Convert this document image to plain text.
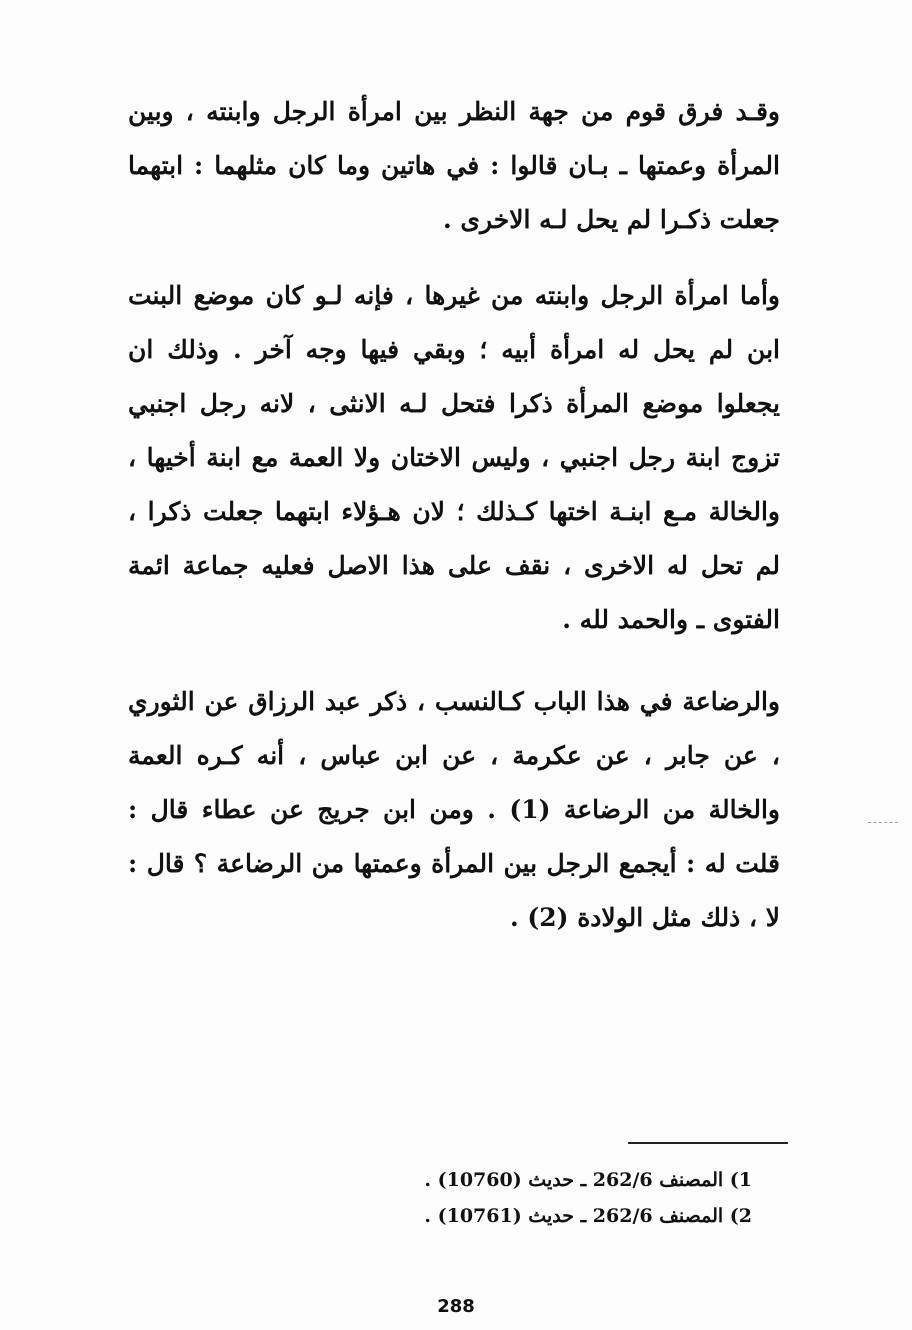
وقـد فرق قوم من جهة النظر بين امرأة الرجل وابنته ، وبين المرأة وعمتها ـ بـان قالوا : في هاتين وما كان مثلهما : ابتهما جعلت ذكـرا لم يحل لـه الاخرى .

وأما امرأة الرجل وابنته من غيرها ، فإنه لـو كان موضع البنت ابن لم يحل له امرأة أبيه ؛ وبقي فيها وجه آخر . وذلك ان يجعلوا موضع المرأة ذكرا فتحل لـه الانثى ، لانه رجل اجنبي تزوج ابنة رجل اجنبي ، وليس الاختان ولا العمة مع ابنة أخيها ، والخالة مـع ابنـة اختها كـذلك ؛ لان هـؤلاء ابتهما جعلت ذكرا ، لم تحل له الاخرى ، نقف على هذا الاصل فعليه جماعة ائمة الفتوى ـ والحمد لله .

والرضاعة في هذا الباب كـالنسب ، ذكر عبد الرزاق عن الثوري ، عن جابر ، عن عكرمة ، عن ابن عباس ، أنه كـره العمة والخالة من الرضاعة (1) . ومن ابن جريج عن عطاء قال : قلت له : أيجمع الرجل بين المرأة وعمتها من الرضاعة ؟ قال : لا ، ذلك مثل الولادة (2) .

1) المصنف 262/6 ـ حديث (10760) .
2) المصنف 262/6 ـ حديث (10761) .
288
